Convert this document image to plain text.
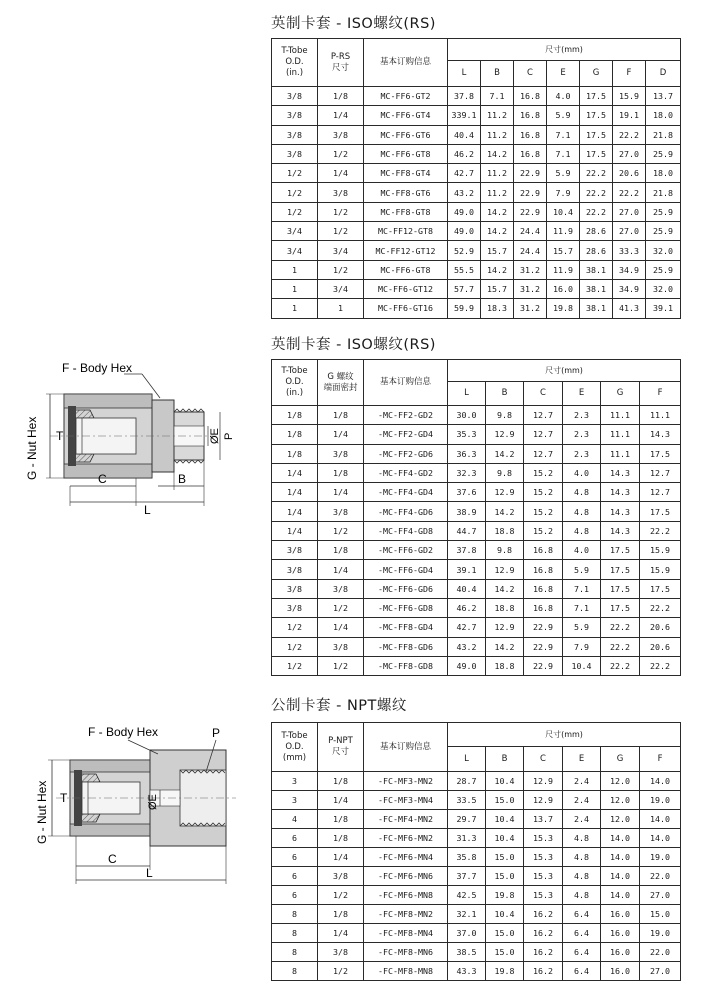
英制卡套 - ISO螺纹(RS)
英制卡套 - ISO螺纹(RS)
公制卡套 - NPT螺纹
T-Tobe
O.D.
(in.)	P-RS
尺寸	基本订购信息	尺寸(mm)						
			L	B	C	E	G	F	D
3/8	1/8	MC-FF6-GT2	37.8	7.1	16.8	4.0	17.5	15.9	13.7
3/8	1/4	MC-FF6-GT4	339.1	11.2	16.8	5.9	17.5	19.1	18.0
3/8	3/8	MC-FF6-GT6	40.4	11.2	16.8	7.1	17.5	22.2	21.8
3/8	1/2	MC-FF6-GT8	46.2	14.2	16.8	7.1	17.5	27.0	25.9
1/2	1/4	MC-FF8-GT4	42.7	11.2	22.9	5.9	22.2	20.6	18.0
1/2	3/8	MC-FF8-GT6	43.2	11.2	22.9	7.9	22.2	22.2	21.8
1/2	1/2	MC-FF8-GT8	49.0	14.2	22.9	10.4	22.2	27.0	25.9
3/4	1/2	MC-FF12-GT8	49.0	14.2	24.4	11.9	28.6	27.0	25.9
3/4	3/4	MC-FF12-GT12	52.9	15.7	24.4	15.7	28.6	33.3	32.0
1	1/2	MC-FF6-GT8	55.5	14.2	31.2	11.9	38.1	34.9	25.9
1	3/4	MC-FF6-GT12	57.7	15.7	31.2	16.0	38.1	34.9	32.0
1	1	MC-FF6-GT16	59.9	18.3	31.2	19.8	38.1	41.3	39.1
T-Tobe
O.D.
(in.)	G 螺纹
端面密封	基本订购信息	尺寸(mm)					
			L	B	C	E	G	F
1/8	1/8	-MC-FF2-GD2	30.0	9.8	12.7	2.3	11.1	11.1
1/8	1/4	-MC-FF2-GD4	35.3	12.9	12.7	2.3	11.1	14.3
1/8	3/8	-MC-FF2-GD6	36.3	14.2	12.7	2.3	11.1	17.5
1/4	1/8	-MC-FF4-GD2	32.3	9.8	15.2	4.0	14.3	12.7
1/4	1/4	-MC-FF4-GD4	37.6	12.9	15.2	4.8	14.3	12.7
1/4	3/8	-MC-FF4-GD6	38.9	14.2	15.2	4.8	14.3	17.5
1/4	1/2	-MC-FF4-GD8	44.7	18.8	15.2	4.8	14.3	22.2
3/8	1/8	-MC-FF6-GD2	37.8	9.8	16.8	4.0	17.5	15.9
3/8	1/4	-MC-FF6-GD4	39.1	12.9	16.8	5.9	17.5	15.9
3/8	3/8	-MC-FF6-GD6	40.4	14.2	16.8	7.1	17.5	17.5
3/8	1/2	-MC-FF6-GD8	46.2	18.8	16.8	7.1	17.5	22.2
1/2	1/4	-MC-FF8-GD4	42.7	12.9	22.9	5.9	22.2	20.6
1/2	3/8	-MC-FF8-GD6	43.2	14.2	22.9	7.9	22.2	20.6
1/2	1/2	-MC-FF8-GD8	49.0	18.8	22.9	10.4	22.2	22.2
T-Tobe
O.D.
(mm)	P-NPT
尺寸	基本订购信息	尺寸(mm)					
			L	B	C	E	G	F
3	1/8	-FC-MF3-MN2	28.7	10.4	12.9	2.4	12.0	14.0
3	1/4	-FC-MF3-MN4	33.5	15.0	12.9	2.4	12.0	19.0
4	1/8	-FC-MF4-MN2	29.7	10.4	13.7	2.4	12.0	14.0
6	1/8	-FC-MF6-MN2	31.3	10.4	15.3	4.8	14.0	14.0
6	1/4	-FC-MF6-MN4	35.8	15.0	15.3	4.8	14.0	19.0
6	3/8	-FC-MF6-MN6	37.7	15.0	15.3	4.8	14.0	22.0
6	1/2	-FC-MF6-MN8	42.5	19.8	15.3	4.8	14.0	27.0
8	1/8	-FC-MF8-MN2	32.1	10.4	16.2	6.4	16.0	15.0
8	1/4	-FC-MF8-MN4	37.0	15.0	16.2	6.4	16.0	19.0
8	3/8	-FC-MF8-MN6	38.5	15.0	16.2	6.4	16.0	22.0
8	1/2	-FC-MF8-MN8	43.3	19.8	16.2	6.4	16.0	27.0
F - Body Hex
G - Nut Hex T	ØE P
C	B
L
F - Body Hex	P
G - Nut Hex T	ØE
C
L
